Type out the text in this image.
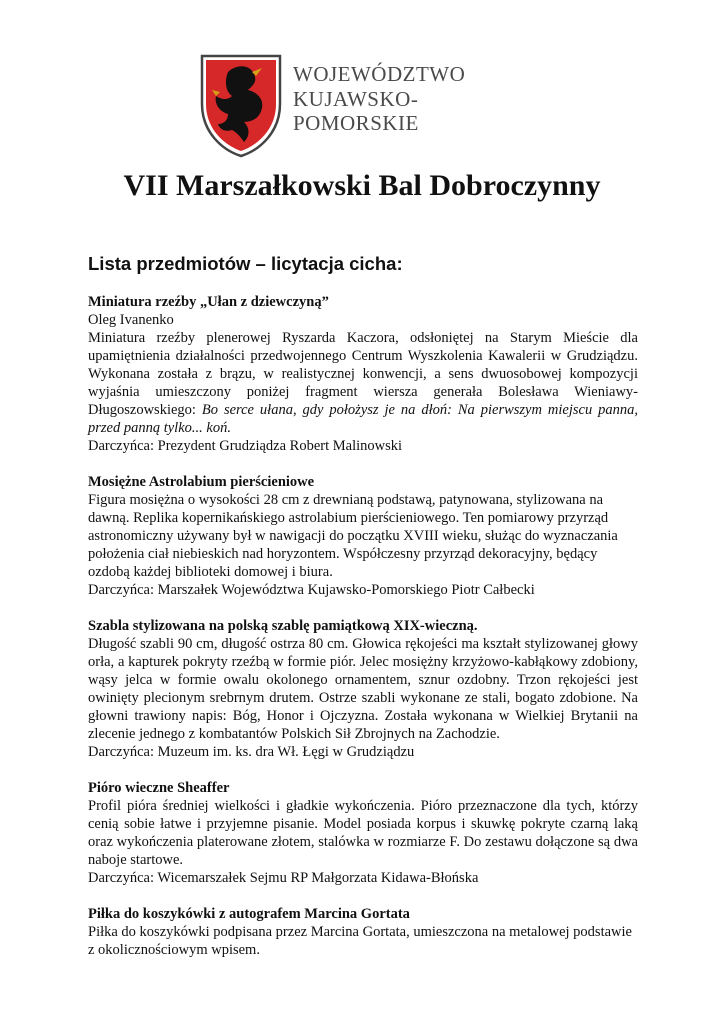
WOJEWÓDZTWO
KUJAWSKO-POMORSKIE
VII Marszałkowski Bal Dobroczynny
Lista przedmiotów – licytacja cicha:

Miniatura rzeźby „Ułan z dziewczyną”

Oleg Ivanenko

Miniatura rzeźby plenerowej Ryszarda Kaczora, odsłoniętej na Starym Mieście dla upamiętnienia działalności przedwojennego Centrum Wyszkolenia Kawalerii w Grudziądzu. Wykonana została z brązu, w realistycznej konwencji, a sens dwuosobowej kompozycji wyjaśnia umieszczony poniżej fragment wiersza generała Bolesława Wieniawy-Długoszowskiego: Bo serce ułana, gdy położysz je na dłoń: Na pierwszym miejscu panna, przed panną tylko... koń.

Darczyńca: Prezydent Grudziądza Robert Malinowski

Mosiężne Astrolabium pierścieniowe

Figura mosiężna o wysokości 28 cm z drewnianą podstawą, patynowana, stylizowana na dawną. Replika kopernikańskiego astrolabium pierścieniowego. Ten pomiarowy przyrząd astronomiczny używany był w nawigacji do początku XVIII wieku, służąc do wyznaczania położenia ciał niebieskich nad horyzontem. Współczesny przyrząd dekoracyjny, będący ozdobą każdej biblioteki domowej i biura.

Darczyńca: Marszałek Województwa Kujawsko-Pomorskiego Piotr Całbecki

Szabla stylizowana na polską szablę pamiątkową XIX-wieczną.

Długość szabli 90 cm, długość ostrza 80 cm. Głowica rękojeści ma kształt stylizowanej głowy orła, a kapturek pokryty rzeźbą w formie piór. Jelec mosiężny krzyżowo-kabłąkowy zdobiony, wąsy jelca w formie owalu okolonego ornamentem, sznur ozdobny. Trzon rękojeści jest owinięty plecionym srebrnym drutem. Ostrze szabli wykonane ze stali, bogato zdobione. Na głowni trawiony napis: Bóg, Honor i Ojczyzna. Została wykonana w Wielkiej Brytanii na zlecenie jednego z kombatantów Polskich Sił Zbrojnych na Zachodzie.

Darczyńca: Muzeum im. ks. dra Wł. Łęgi w Grudziądzu

Pióro wieczne Sheaffer

Profil pióra średniej wielkości i gładkie wykończenia. Pióro przeznaczone dla tych, którzy cenią sobie łatwe i przyjemne pisanie. Model posiada korpus i skuwkę pokryte czarną laką oraz wykończenia platerowane złotem, stalówka w rozmiarze F. Do zestawu dołączone są dwa naboje startowe.

Darczyńca: Wicemarszałek Sejmu RP Małgorzata Kidawa-Błońska

Piłka do koszykówki z autografem Marcina Gortata

Piłka do koszykówki podpisana przez Marcina Gortata, umieszczona na metalowej podstawie z okolicznościowym wpisem.
